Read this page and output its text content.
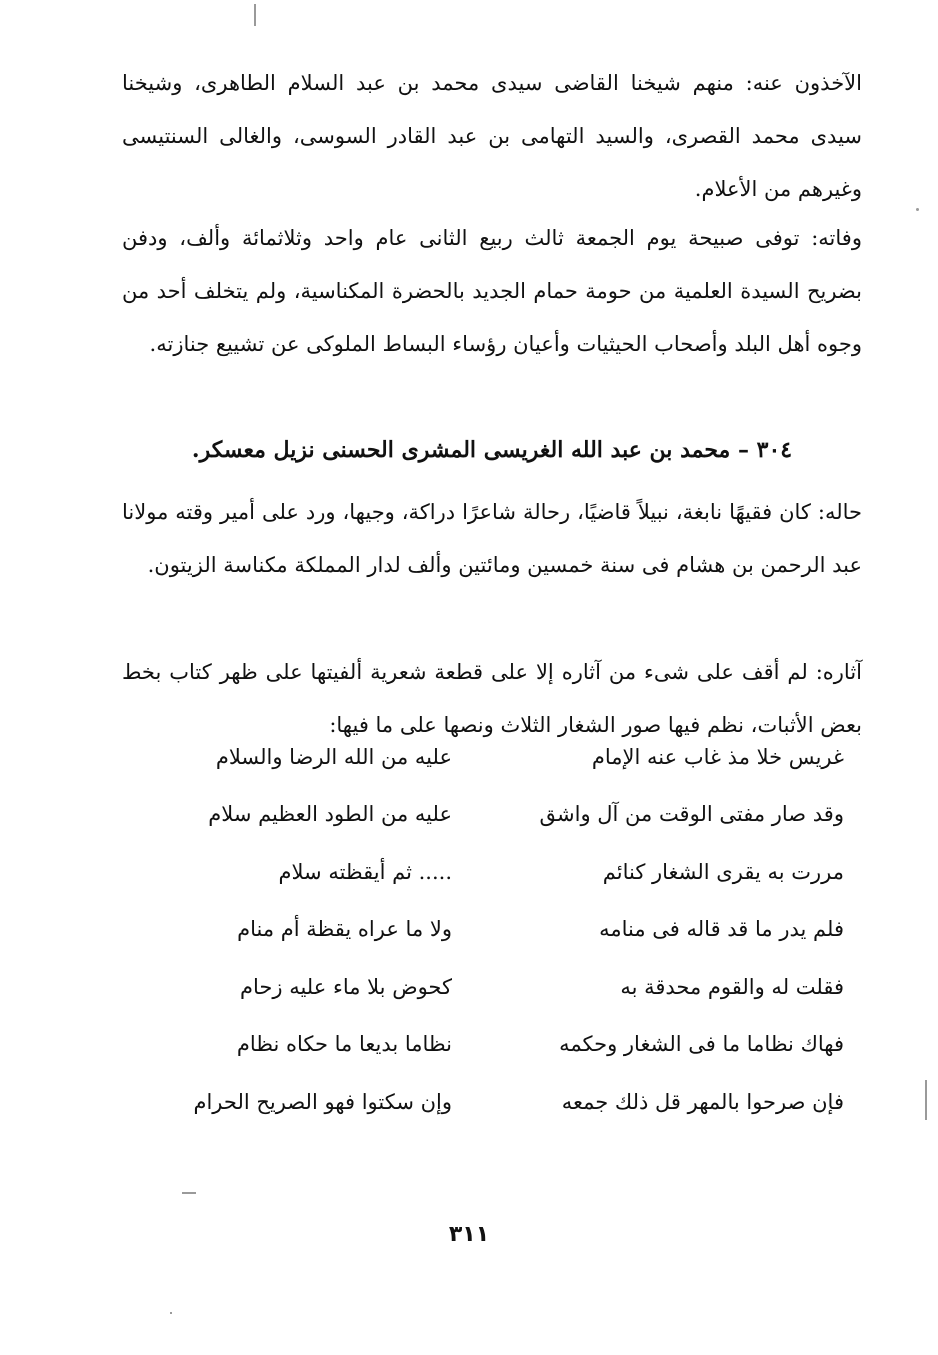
الآخذون عنه: منهم شيخنا القاضى سيدى محمد بن عبد السلام الطاهرى، وشيخنا سيدى محمد القصرى، والسيد التهامى بن عبد القادر السوسى، والغالى السنتيسى وغيرهم من الأعلام.

وفاته: توفى صبيحة يوم الجمعة ثالث ربيع الثانى عام واحد وثلاثمائة وألف، ودفن بضريح السيدة العلمية من حومة حمام الجديد بالحضرة المكناسية، ولم يتخلف أحد من وجوه أهل البلد وأصحاب الحيثيات وأعيان رؤساء البساط الملوكى عن تشييع جنازته.

٣٠٤ – محمد بن عبد الله الغريسى المشرى الحسنى نزيل معسكر.

حاله: كان فقيهًا نابغة، نبيلاً قاضيًا، رحالة شاعرًا دراكة، وجيها، ورد على أمير وقته مولانا عبد الرحمن بن هشام فى سنة خمسين ومائتين وألف لدار المملكة مكناسة الزيتون.

آثاره: لم أقف على شىء من آثاره إلا على قطعة شعرية ألفيتها على ظهر كتاب بخط بعض الأثبات، نظم فيها صور الشغار الثلاث ونصها على ما فيها:

غريس خلا مذ غاب عنه الإمام
عليه من الله الرضا والسلام
وقد صار مفتى الوقت من آل واشق
عليه من الطود العظيم سلام
مررت به يقرى الشغار كنائم
..... ثم أيقظته سلام
فلم يدر ما قد قاله فى منامه
ولا ما عراه يقظة أم منام
فقلت له والقوم محدقة به
كحوض بلا ماء عليه زحام
فهاك نظاما ما فى الشغار وحكمه
نظاما بديعا ما حكاه نظام
فإن صرحوا بالمهر قل ذلك جمعه
وإن سكتوا فهو الصريح الحرام
٣١١
